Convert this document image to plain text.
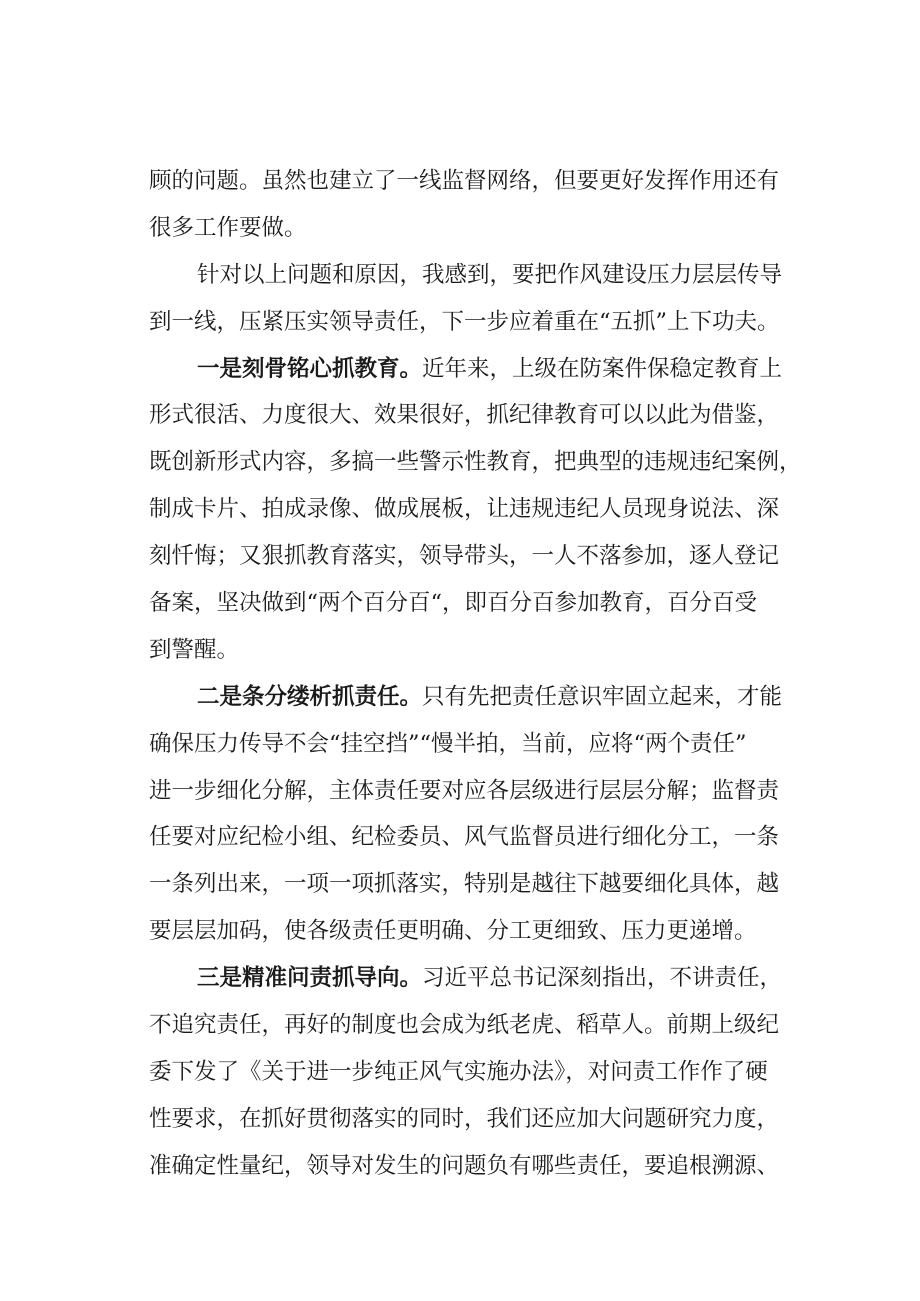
顾的问题。虽然也建立了一线监督网络，但要更好发挥作用还有
很多工作要做。
针对以上问题和原因，我感到，要把作风建设压力层层传导
到一线，压紧压实领导责任，下一步应着重在“五抓”上下功夫。
一是刻骨铭心抓教育。近年来，上级在防案件保稳定教育上
形式很活、力度很大、效果很好，抓纪律教育可以以此为借鉴，
既创新形式内容，多搞一些警示性教育，把典型的违规违纪案例，
制成卡片、拍成录像、做成展板，让违规违纪人员现身说法、深
刻忏悔；又狠抓教育落实，领导带头，一人不落参加，逐人登记
备案，坚决做到“两个百分百“，即百分百参加教育，百分百受
到警醒。
二是条分缕析抓责任。只有先把责任意识牢固立起来，才能
确保压力传导不会“挂空挡”“慢半拍，当前，应将“两个责任”
进一步细化分解，主体责任要对应各层级进行层层分解；监督责
任要对应纪检小组、纪检委员、风气监督员进行细化分工，一条
一条列出来，一项一项抓落实，特别是越往下越要细化具体，越
要层层加码，使各级责任更明确、分工更细致、压力更递增。
三是精准问责抓导向。习近平总书记深刻指出，不讲责任，
不追究责任，再好的制度也会成为纸老虎、稻草人。前期上级纪
委下发了《关于进一步纯正风气实施办法》，对问责工作作了硬
性要求，在抓好贯彻落实的同时，我们还应加大问题研究力度，
准确定性量纪，领导对发生的问题负有哪些责任，要追根溯源、
